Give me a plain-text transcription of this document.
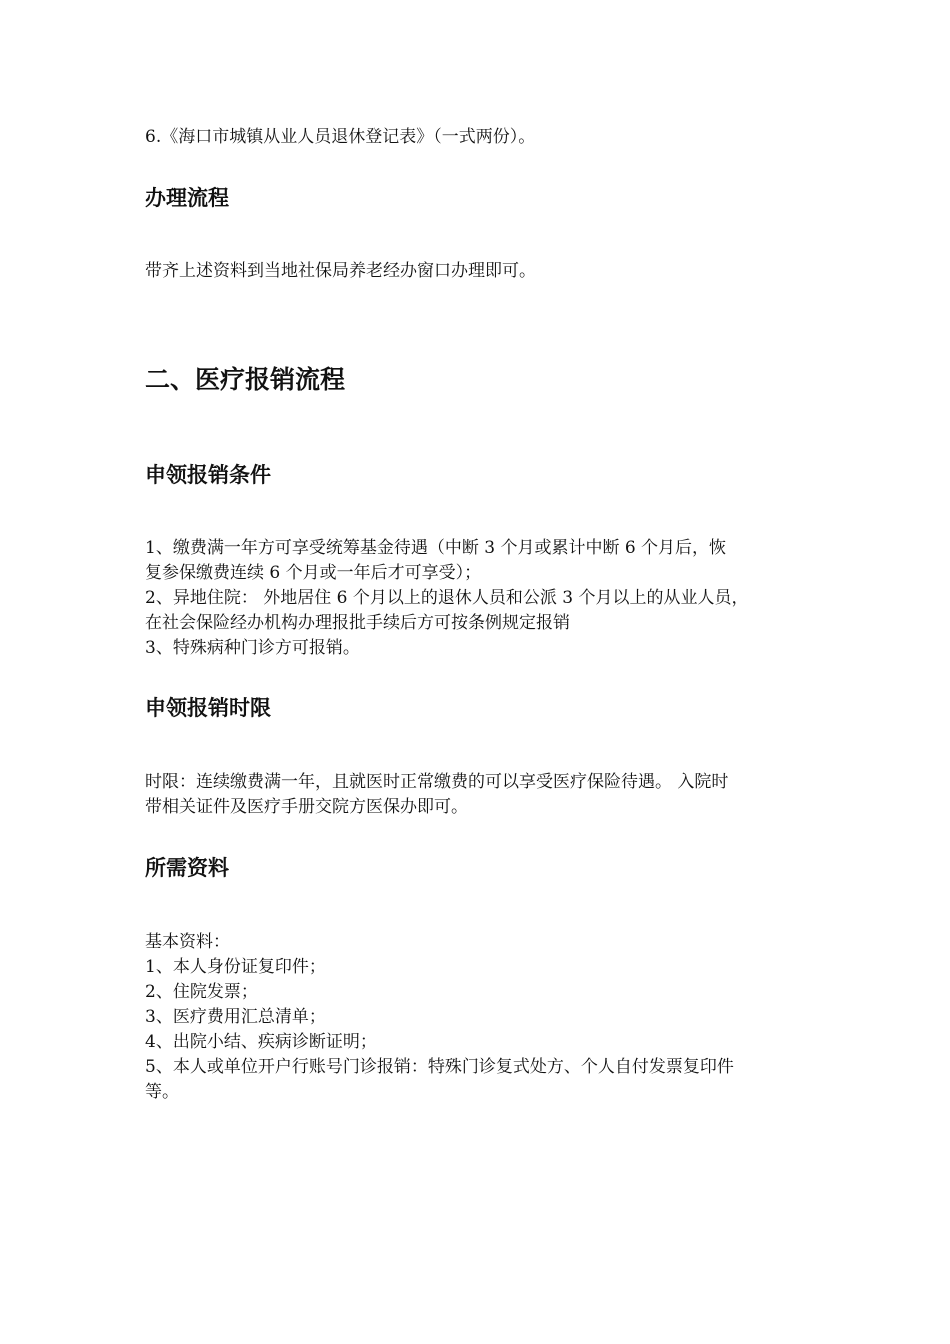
6.《海口市城镇从业人员退休登记表》（一式两份）。
办理流程
带齐上述资料到当地社保局养老经办窗口办理即可。
二、医疗报销流程
申领报销条件
1、缴费满一年方可享受统筹基金待遇（中断 3 个月或累计中断 6 个月后，恢
复参保缴费连续 6 个月或一年后才可享受）；
2、异地住院： 外地居住 6 个月以上的退休人员和公派 3 个月以上的从业人员，
在社会保险经办机构办理报批手续后方可按条例规定报销
3、特殊病种门诊方可报销。
申领报销时限
时限：连续缴费满一年，且就医时正常缴费的可以享受医疗保险待遇。 入院时
带相关证件及医疗手册交院方医保办即可。
所需资料
基本资料：
1、本人身份证复印件；
2、住院发票；
3、医疗费用汇总清单；
4、出院小结、疾病诊断证明；
5、本人或单位开户行账号门诊报销：特殊门诊复式处方、个人自付发票复印件
等。
